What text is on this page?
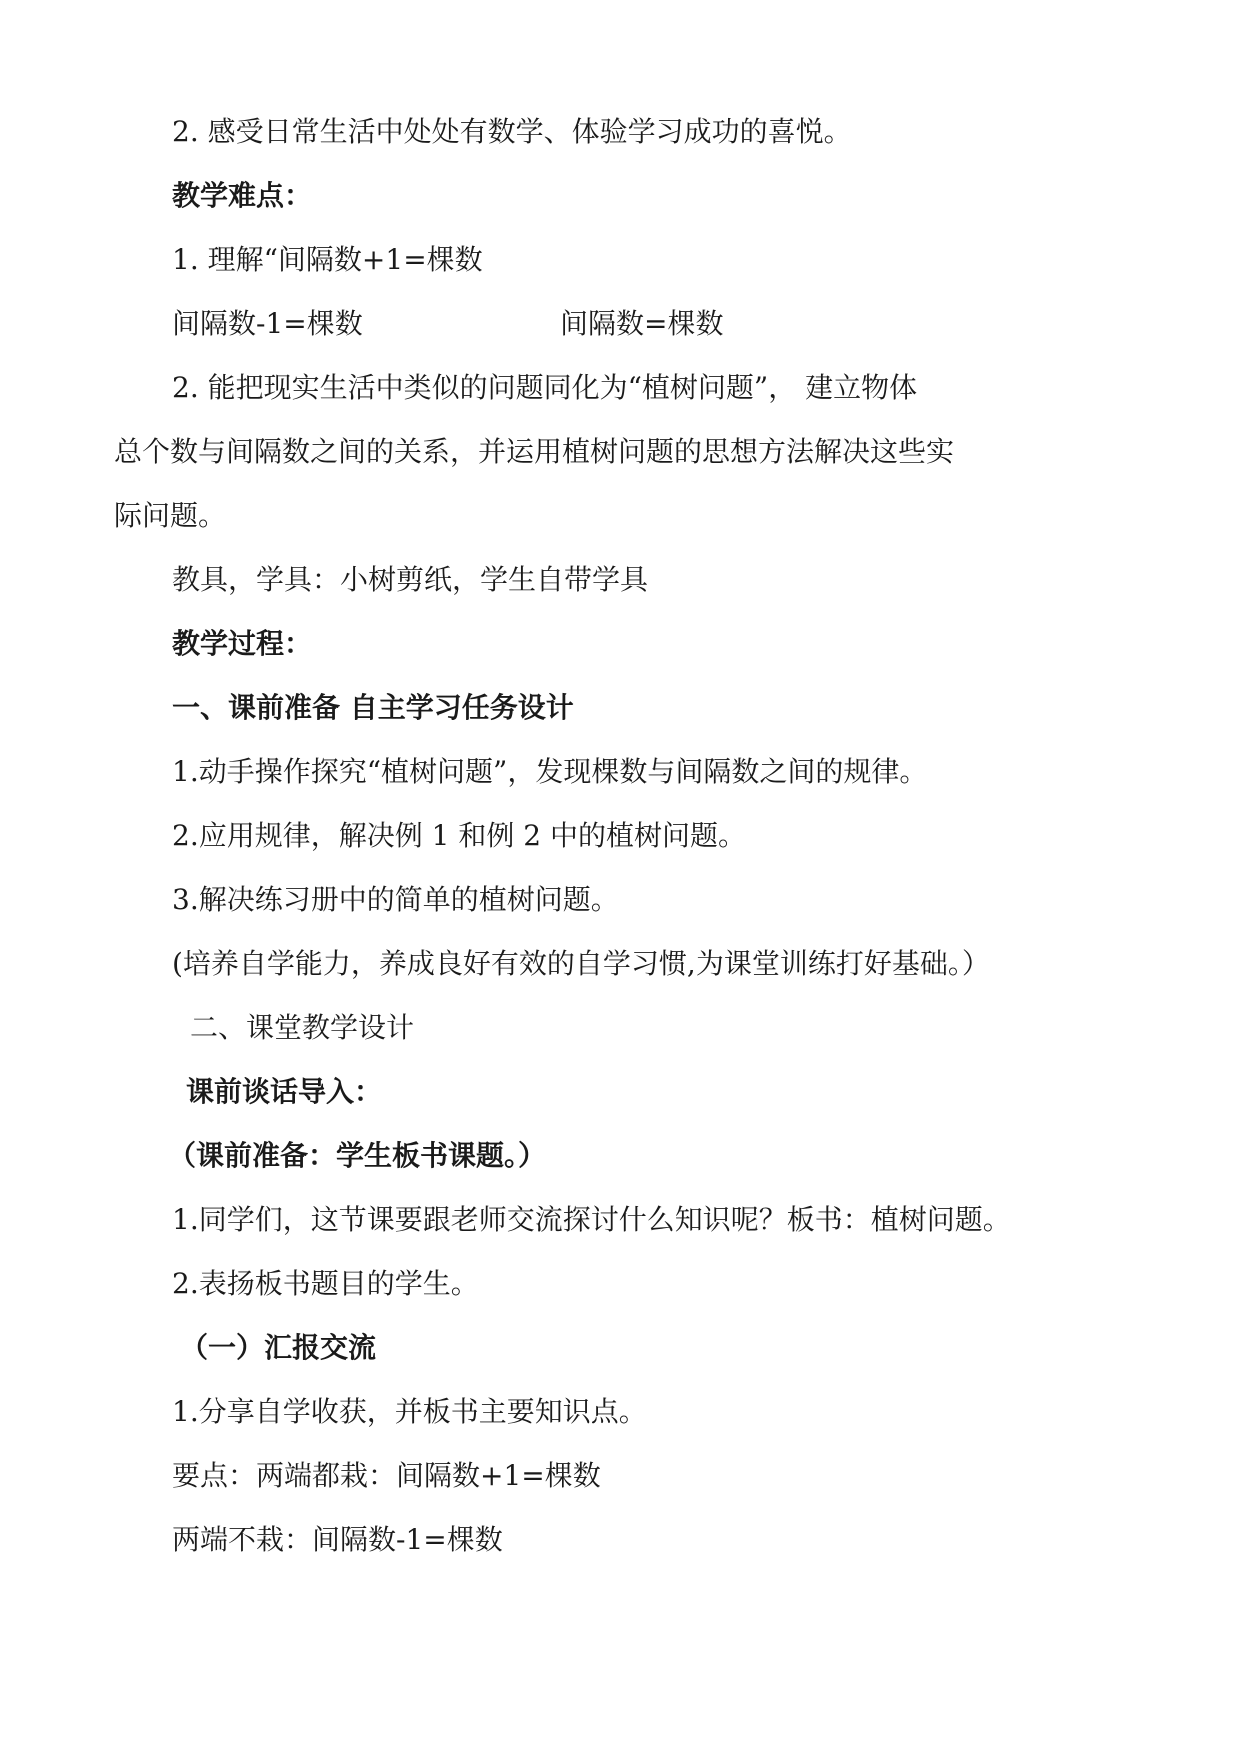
2. 感受日常生活中处处有数学、体验学习成功的喜悦。
教学难点：
1. 理解“间隔数+1=棵数
间隔数-1=棵数	间隔数=棵数
2. 能把现实生活中类似的问题同化为“植树问题”， 建立物体
总个数与间隔数之间的关系，并运用植树问题的思想方法解决这些实
际问题。
教具，学具：小树剪纸，学生自带学具
教学过程：
一、课前准备 自主学习任务设计
1.动手操作探究“植树问题”，发现棵数与间隔数之间的规律。
2.应用规律，解决例 1 和例 2 中的植树问题。
3.解决练习册中的简单的植树问题。
(培养自学能力，养成良好有效的自学习惯,为课堂训练打好基础。）
二、课堂教学设计
课前谈话导入：
（课前准备：学生板书课题。）
1.同学们，这节课要跟老师交流探讨什么知识呢？板书：植树问题。
2.表扬板书题目的学生。
（一）汇报交流
1.分享自学收获，并板书主要知识点。
要点：两端都栽：间隔数+1=棵数
两端不栽：间隔数-1=棵数
